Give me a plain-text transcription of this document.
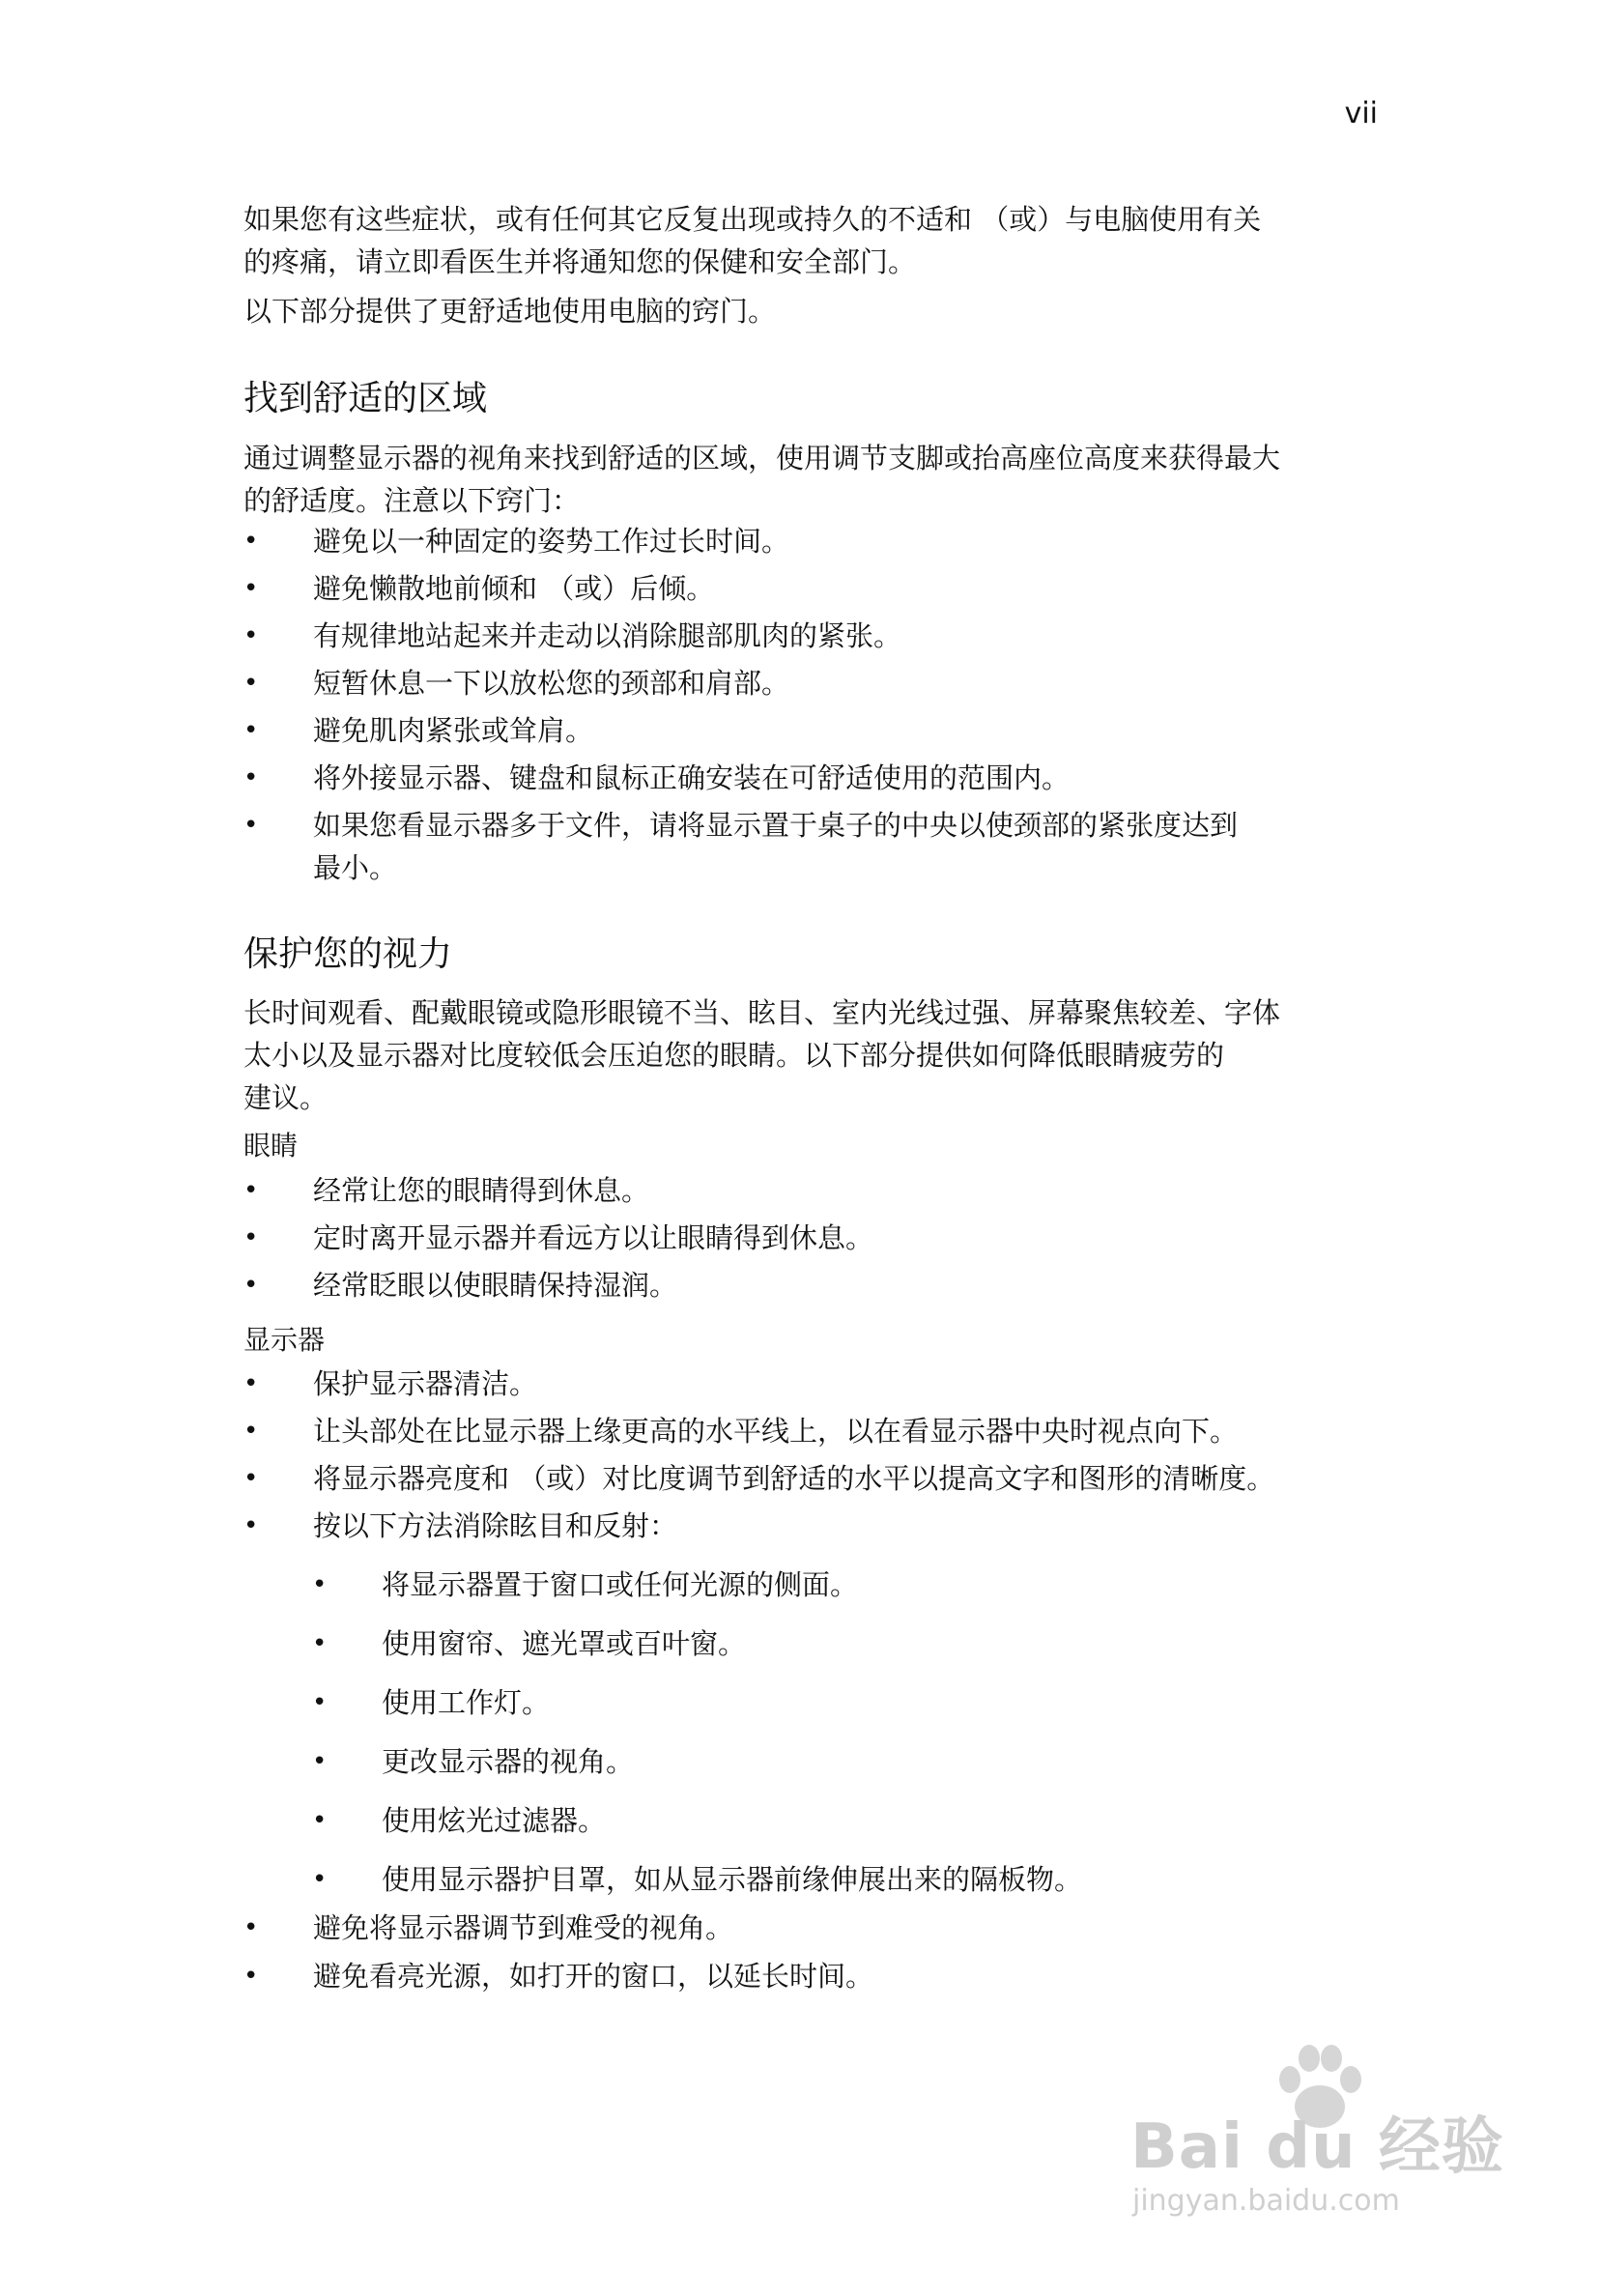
vii

如果您有这些症状，或有任何其它反复出现或持久的不适和 （或）与电脑使用有关

的疼痛，请立即看医生并将通知您的保健和安全部门。

以下部分提供了更舒适地使用电脑的窍门。

找到舒适的区域

通过调整显示器的视角来找到舒适的区域，使用调节支脚或抬高座位高度来获得最大

的舒适度。注意以下窍门：

• 避免以一种固定的姿势工作过长时间。
• 避免懒散地前倾和 （或）后倾。
• 有规律地站起来并走动以消除腿部肌肉的紧张。
• 短暂休息一下以放松您的颈部和肩部。
• 避免肌肉紧张或耸肩。
• 将外接显示器、键盘和鼠标正确安装在可舒适使用的范围内。
• 如果您看显示器多于文件，请将显示置于桌子的中央以使颈部的紧张度达到
最小。
保护您的视力

长时间观看、配戴眼镜或隐形眼镜不当、眩目、室内光线过强、屏幕聚焦较差、字体

太小以及显示器对比度较低会压迫您的眼睛。以下部分提供如何降低眼睛疲劳的

建议。

眼睛

• 经常让您的眼睛得到休息。
• 定时离开显示器并看远方以让眼睛得到休息。
• 经常眨眼以使眼睛保持湿润。

显示器

• 保护显示器清洁。
• 让头部处在比显示器上缘更高的水平线上，以在看显示器中央时视点向下。
• 将显示器亮度和 （或）对比度调节到舒适的水平以提高文字和图形的清晰度。
• 按以下方法消除眩目和反射：
• 将显示器置于窗口或任何光源的侧面。
• 使用窗帘、遮光罩或百叶窗。
• 使用工作灯。
• 更改显示器的视角。
• 使用炫光过滤器。
• 使用显示器护目罩，如从显示器前缘伸展出来的隔板物。
• 避免将显示器调节到难受的视角。
• 避免看亮光源，如打开的窗口，以延长时间。
Bai du 经验
jingyan.baidu.com
